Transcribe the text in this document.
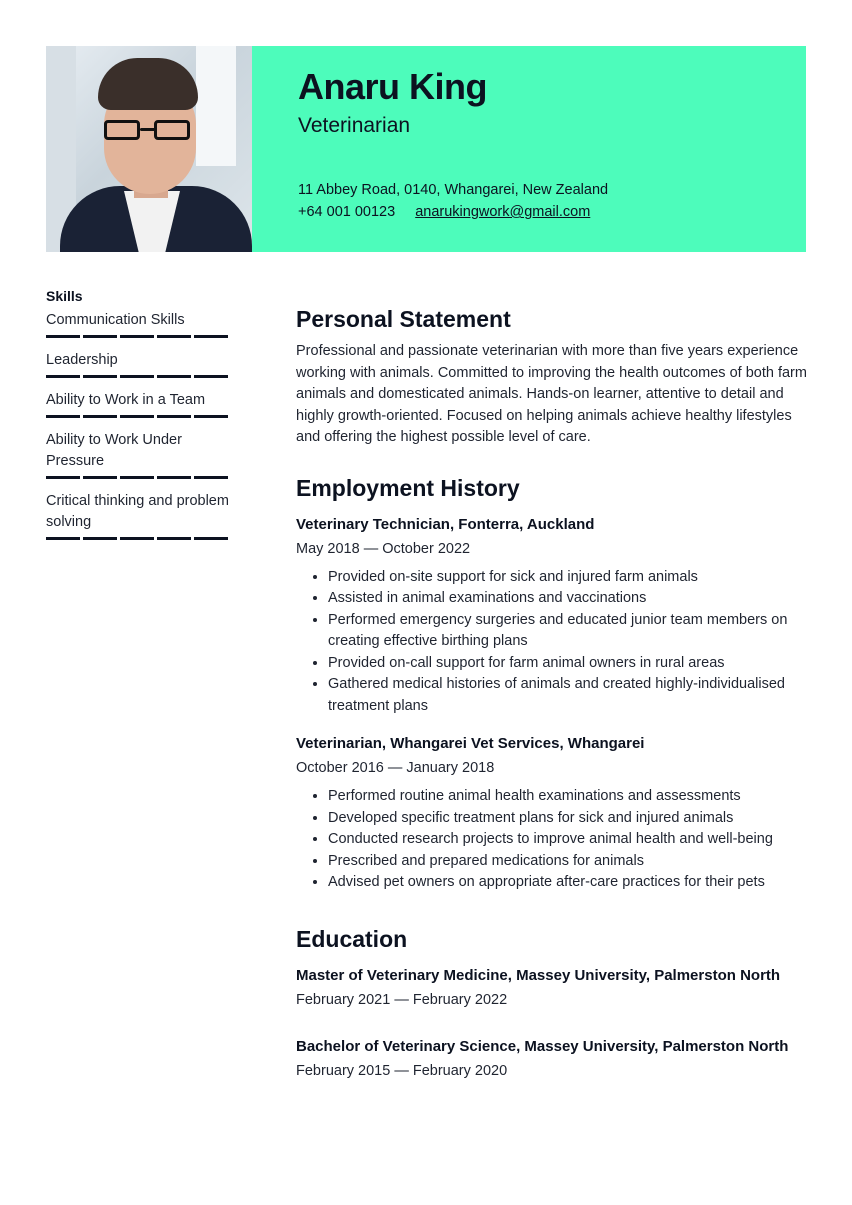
Anaru King
Veterinarian
11 Abbey Road, 0140, Whangarei, New Zealand
+64 001 00123 anarukingwork@gmail.com
Skills
Communication Skills
Leadership
Ability to Work in a Team
Ability to Work Under Pressure
Critical thinking and problem solving
Personal Statement

Professional and passionate veterinarian with more than five years experience working with animals. Committed to improving the health outcomes of both farm animals and domesticated animals. Hands-on learner, attentive to detail and highly growth-oriented. Focused on helping animals achieve healthy lifestyles and offering the highest possible level of care.

Employment History
Veterinary Technician, Fonterra, Auckland
May 2018 — October 2022
• Provided on-site support for sick and injured farm animals
• Assisted in animal examinations and vaccinations
• Performed emergency surgeries and educated junior team members on creating effective birthing plans
• Provided on-call support for farm animal owners in rural areas
• Gathered medical histories of animals and created highly-individualised treatment plans
Veterinarian, Whangarei Vet Services, Whangarei
October 2016 — January 2018
• Performed routine animal health examinations and assessments
• Developed specific treatment plans for sick and injured animals
• Conducted research projects to improve animal health and well-being
• Prescribed and prepared medications for animals
• Advised pet owners on appropriate after-care practices for their pets
Education
Master of Veterinary Medicine, Massey University, Palmerston North
February 2021 — February 2022
Bachelor of Veterinary Science, Massey University, Palmerston North
February 2015 — February 2020
